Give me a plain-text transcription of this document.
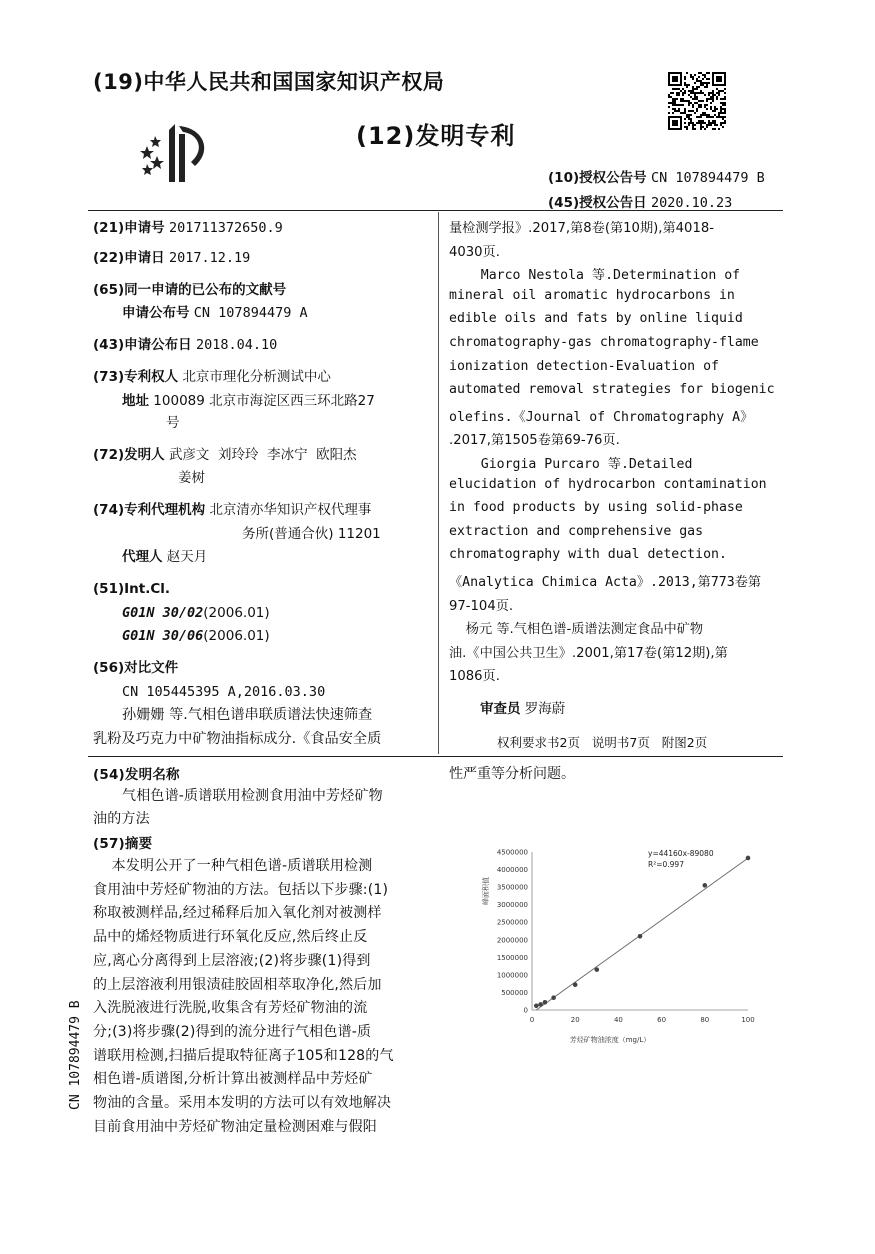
(19)中华人民共和国国家知识产权局
(12)发明专利
(10)授权公告号 CN 107894479 B
(45)授权公告日 2020.10.23
(21)申请号 201711372650.9
(22)申请日 2017.12.19
(65)同一申请的已公布的文献号
申请公布号 CN 107894479 A
(43)申请公布日 2018.04.10
(73)专利权人 北京市理化分析测试中心
地址 100089 北京市海淀区西三环北路27
号
(72)发明人 武彦文  刘玲玲  李冰宁  欧阳杰
姜树
(74)专利代理机构 北京清亦华知识产权代理事
务所(普通合伙) 11201
代理人 赵天月
(51)Int.Cl.
G01N 30/02(2006.01)
G01N 30/06(2006.01)
(56)对比文件
CN 105445395 A,2016.03.30
孙姗姗 等.气相色谱串联质谱法快速筛查
乳粉及巧克力中矿物油指标成分.《食品安全质
量检测学报》.2017,第8卷(第10期),第4018-
4030页.
Marco Nestola 等.Determination of
mineral oil aromatic hydrocarbons in
edible oils and fats by online liquid
chromatography-gas chromatography-flame
ionization detection-Evaluation of
automated removal strategies for biogenic
olefins.《Journal of Chromatography A》
.2017,第1505卷第69-76页.
Giorgia Purcaro 等.Detailed
elucidation of hydrocarbon contamination
in food products by using solid-phase
extraction and comprehensive gas
chromatography with dual detection.
《Analytica Chimica Acta》.2013,第773卷第
97-104页.
杨元 等.气相色谱-质谱法测定食品中矿物
油.《中国公共卫生》.2001,第17卷(第12期),第
1086页.
审查员 罗海蔚
权利要求书2页   说明书7页   附图2页
(54)发明名称
气相色谱-质谱联用检测食用油中芳烃矿物
油的方法
(57)摘要
本发明公开了一种气相色谱-质谱联用检测
食用油中芳烃矿物油的方法。包括以下步骤:(1)
称取被测样品,经过稀释后加入氧化剂对被测样
品中的烯烃物质进行环氧化反应,然后终止反
应,离心分离得到上层溶液;(2)将步骤(1)得到
的上层溶液利用银渍硅胶固相萃取净化,然后加
入洗脱液进行洗脱,收集含有芳烃矿物油的流
分;(3)将步骤(2)得到的流分进行气相色谱-质
谱联用检测,扫描后提取特征离子105和128的气
相色谱-质谱图,分析计算出被测样品中芳烃矿
物油的含量。采用本发明的方法可以有效地解决
目前食用油中芳烃矿物油定量检测困难与假阳
性严重等分析问题。
CN 107894479 B	0
500000
1000000
1500000
2000000
2500000
3000000
3500000
4000000
4500000
0	20	40	60	80	100
y=44160x-89080
R²=0.997
芳烃矿物油浓度（mg/L）
峰面积值
